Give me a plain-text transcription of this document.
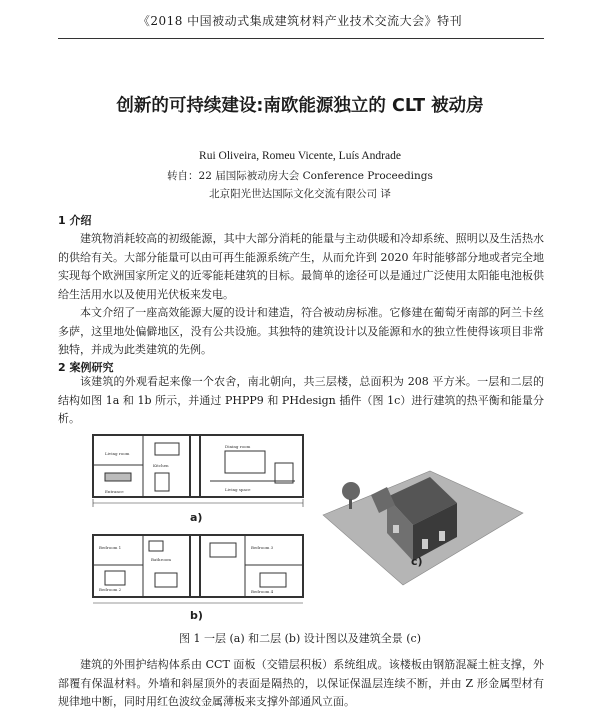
《2018 中国被动式集成建筑材料产业技术交流大会》特刊
创新的可持续建设:南欧能源独立的 CLT 被动房
Rui Oliveira, Romeu Vicente, Luís Andrade
转自：22 届国际被动房大会 Conference Proceedings
北京阳光世达国际文化交流有限公司 译
1 介绍

建筑物消耗较高的初级能源，其中大部分消耗的能量与主动供暖和冷却系统、照明以及生活热水的供给有关。大部分能量可以由可再生能源系统产生，从而允许到 2020 年时能够部分地或者完全地实现每个欧洲国家所定义的近零能耗建筑的目标。最简单的途径可以是通过广泛使用太阳能电池板供给生活用水以及使用光伏板来发电。

本文介绍了一座高效能源大厦的设计和建造，符合被动房标准。它修建在葡萄牙南部的阿兰卡丝多萨，这里地处偏僻地区，没有公共设施。其独特的建筑设计以及能源和水的独立性使得该项目非常独特，并成为此类建筑的先例。

2 案例研究

该建筑的外观看起来像一个农舍，南北朝向，共三层楼，总面积为 208 平方米。一层和二层的结构如图 1a 和 1b 所示，并通过 PHPP9 和 PHdesign 插件（图 1c）进行建筑的热平衡和能量分析。

Living room
Kitchen
Dining room
Entrance	Living space
a)
Bedroom 1
Bedroom 2
Bedroom 3
Bedroom 4
Bathroom
b)
c)
图 1 一层 (a) 和二层 (b) 设计图以及建筑全景 (c)

建筑的外围护结构体系由 CCT 面板（交错层积板）系统组成。该楼板由钢筋混凝土桩支撑，外部覆有保温材料。外墙和斜屋顶外的表面是隔热的，以保证保温层连续不断，并由 Z 形金属型材有规律地中断，同时用红色波纹金属薄板来支撑外部通风立面。
